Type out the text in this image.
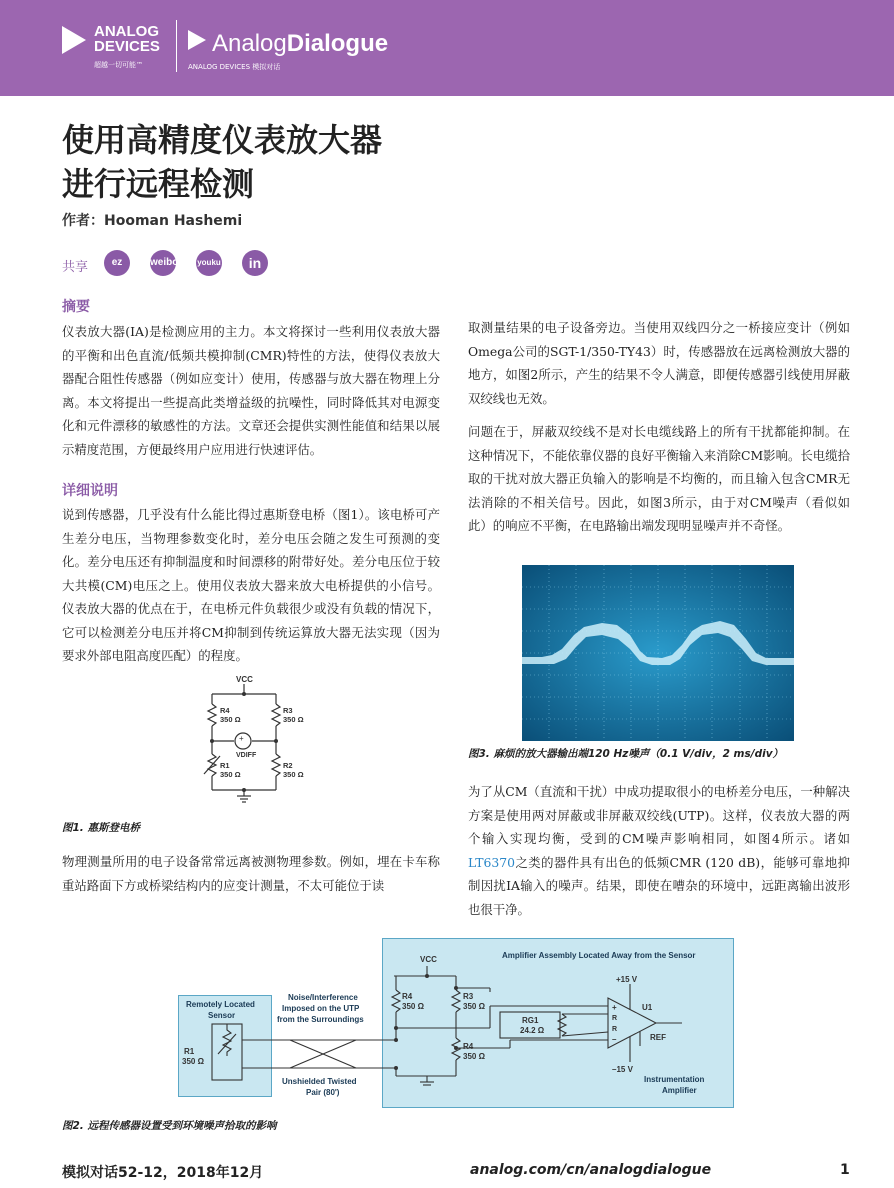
ANALOG DEVICES
超越一切可能™
AnalogDialogue
ANALOG DEVICES 模拟对话
使用高精度仪表放大器
进行远程检测
作者：Hooman Hashemi
共享	ez	weibo youku	in
摘要

仪表放大器(IA)是检测应用的主力。本文将探讨一些利用仪表放大器的平衡和出色直流/低频共模抑制(CMR)特性的方法，使得仪表放大器配合阻性传感器（例如应变计）使用，传感器与放大器在物理上分离。本文将提出一些提高此类增益级的抗噪性，同时降低其对电源变化和元件漂移的敏感性的方法。文章还会提供实测性能值和结果以展示精度范围，方便最终用户应用进行快速评估。

详细说明

说到传感器，几乎没有什么能比得过惠斯登电桥（图1）。该电桥可产生差分电压，当物理参数变化时，差分电压会随之发生可预测的变化。差分电压还有抑制温度和时间漂移的附带好处。差分电压位于较大共模(CM)电压之上。使用仪表放大器来放大电桥提供的小信号。仪表放大器的优点在于，在电桥元件负载很少或没有负载的情况下，它可以检测差分电压并将CM抑制到传统运算放大器无法实现（因为要求外部电阻高度匹配）的程度。

+
VCC
R4
350 Ω
R3
350 Ω
VDIFF
R1
350 Ω
R2
350 Ω
图1. 惠斯登电桥

物理测量所用的电子设备常常远离被测物理参数。例如，埋在卡车称重站路面下方或桥梁结构内的应变计测量，不太可能位于读

取测量结果的电子设备旁边。当使用双线四分之一桥接应变计（例如Omega公司的SGT-1/350-TY43）时，传感器放在远离检测放大器的地方，如图2所示，产生的结果不令人满意，即便传感器引线使用屏蔽双绞线也无效。

问题在于，屏蔽双绞线不是对长电缆线路上的所有干扰都能抑制。在这种情况下，不能依靠仪器的良好平衡输入来消除CM影响。长电缆拾取的干扰对放大器正负输入的影响是不均衡的，而且输入包含CMR无法消除的不相关信号。因此，如图3所示，由于对CM噪声（看似如此）的响应不平衡，在电路输出端发现明显噪声并不奇怪。

图3. 麻烦的放大器输出端120 Hz噪声（0.1 V/div，2 ms/div）

为了从CM（直流和干扰）中成功提取很小的电桥差分电压，一种解决方案是使用两对屏蔽或非屏蔽双绞线(UTP)。这样，仪表放大器的两个输入实现均衡，受到的CM噪声影响相同，如图4所示。诸如LT6370之类的器件具有出色的低频CMR (120 dB)，能够可靠地抑制因扰IA输入的噪声。结果，即使在嘈杂的环境中，远距离输出波形也很干净。

Amplifier Assembly Located Away from the Sensor
Remotely Located
Sensor
R1
350 Ω
Noise/Interference
Imposed on the UTP
from the Surroundings
Unshielded Twisted
Pair (80')
VCC
R4
350 Ω
R3
350 Ω
R4
350 Ω
RG1
24.2 Ω
+15 V
–15 V
U1
REF
+
R
R
–
Instrumentation
Amplifier
图2. 远程传感器设置受到环境噪声拾取的影响
模拟对话52-12，2018年12月	analog.com/cn/analogdialogue	1
